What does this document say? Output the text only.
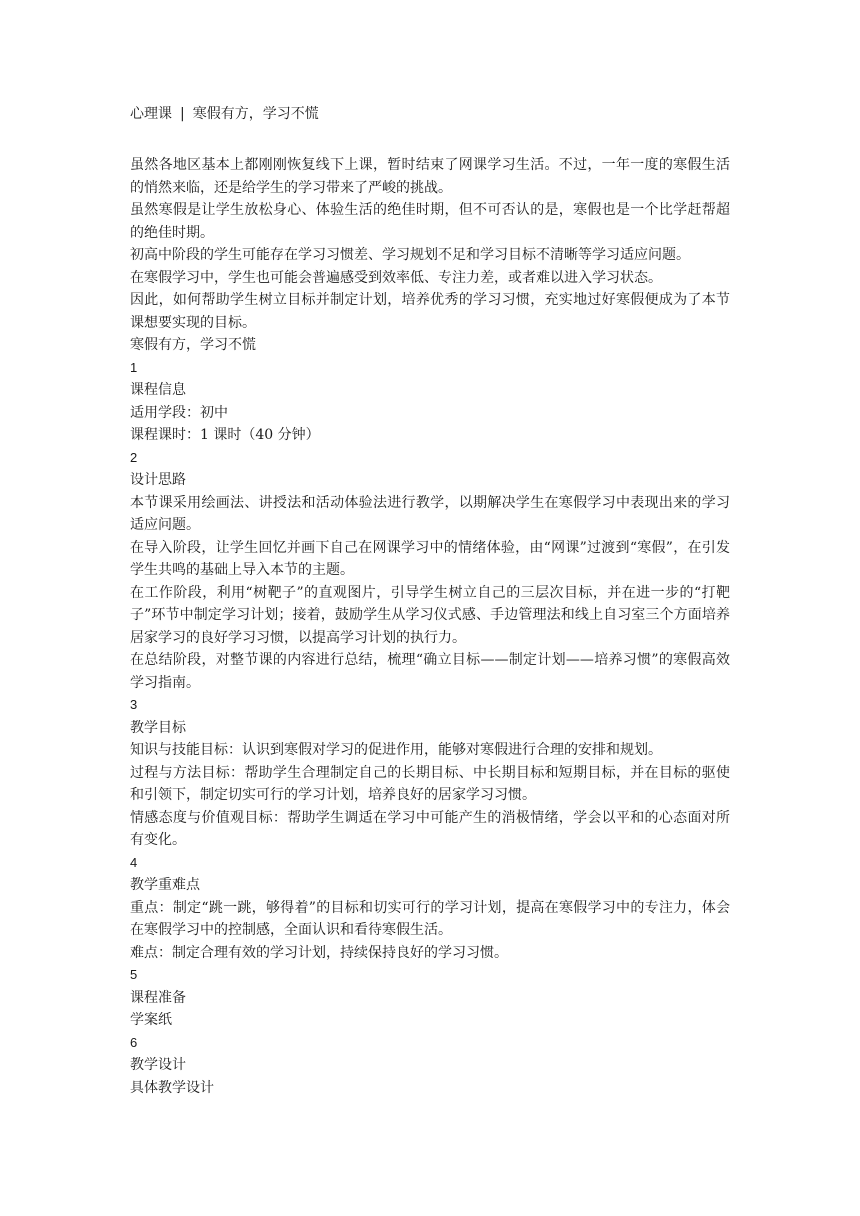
心理课 | 寒假有方，学习不慌

虽然各地区基本上都刚刚恢复线下上课，暂时结束了网课学习生活。不过，一年一度的寒假生活的悄然来临，还是给学生的学习带来了严峻的挑战。

虽然寒假是让学生放松身心、体验生活的绝佳时期，但不可否认的是，寒假也是一个比学赶帮超的绝佳时期。

初高中阶段的学生可能存在学习习惯差、学习规划不足和学习目标不清晰等学习适应问题。

在寒假学习中，学生也可能会普遍感受到效率低、专注力差，或者难以进入学习状态。

因此，如何帮助学生树立目标并制定计划，培养优秀的学习习惯，充实地过好寒假便成为了本节课想要实现的目标。

寒假有方，学习不慌

1

课程信息

适用学段：初中

课程课时：1 课时（40 分钟）

2

设计思路

本节课采用绘画法、讲授法和活动体验法进行教学，以期解决学生在寒假学习中表现出来的学习适应问题。

在导入阶段，让学生回忆并画下自己在网课学习中的情绪体验，由“网课”过渡到“寒假”，在引发学生共鸣的基础上导入本节的主题。

在工作阶段，利用“树靶子”的直观图片，引导学生树立自己的三层次目标，并在进一步的“打靶子”环节中制定学习计划；接着，鼓励学生从学习仪式感、手边管理法和线上自习室三个方面培养居家学习的良好学习习惯，以提高学习计划的执行力。

在总结阶段，对整节课的内容进行总结，梳理“确立目标——制定计划——培养习惯”的寒假高效学习指南。

3

教学目标

知识与技能目标：认识到寒假对学习的促进作用，能够对寒假进行合理的安排和规划。

过程与方法目标：帮助学生合理制定自己的长期目标、中长期目标和短期目标，并在目标的驱使和引领下，制定切实可行的学习计划，培养良好的居家学习习惯。

情感态度与价值观目标：帮助学生调适在学习中可能产生的消极情绪，学会以平和的心态面对所有变化。

4

教学重难点

重点：制定“跳一跳，够得着”的目标和切实可行的学习计划，提高在寒假学习中的专注力，体会在寒假学习中的控制感，全面认识和看待寒假生活。

难点：制定合理有效的学习计划，持续保持良好的学习习惯。

5

课程准备

学案纸

6

教学设计

具体教学设计
